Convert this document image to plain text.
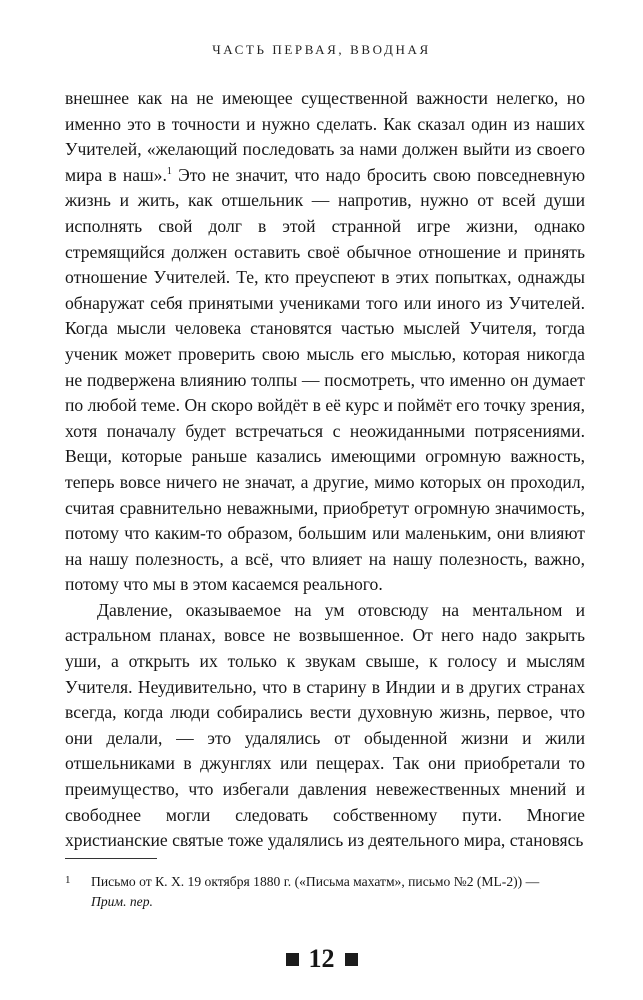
ЧАСТЬ ПЕРВАЯ, ВВОДНАЯ

внешнее как на не имеющее существенной важности нелегко, но именно это в точности и нужно сделать. Как сказал один из наших Учителей, «желающий последовать за нами должен выйти из своего мира в наш».$^1$ Это не значит, что надо бросить свою повседневную жизнь и жить, как отшельник — напротив, нужно от всей души исполнять свой долг в этой странной игре жизни, однако стремящийся должен оставить своё обычное отношение и принять отношение Учителей. Те, кто преуспеют в этих попытках, однажды обнаружат себя принятыми учениками того или иного из Учителей. Когда мысли человека становятся частью мыслей Учителя, тогда ученик может проверить свою мысль его мыслью, которая никогда не подвержена влиянию толпы — посмотреть, что именно он думает по любой теме. Он скоро войдёт в её курс и поймёт его точку зрения, хотя поначалу будет встречаться с неожиданными потрясениями. Вещи, которые раньше казались имеющими огромную важность, теперь вовсе ничего не значат, а другие, мимо которых он проходил, считая сравнительно неважными, приобретут огромную значимость, потому что каким-то образом, большим или маленьким, они влияют на нашу полезность, а всё, что влияет на нашу полезность, важно, потому что мы в этом касаемся реального.

Давление, оказываемое на ум отовсюду на ментальном и астральном планах, вовсе не возвышенное. От него надо закрыть уши, а открыть их только к звукам свыше, к голосу и мыслям Учителя. Неудивительно, что в старину в Индии и в других странах всегда, когда люди собирались вести духовную жизнь, первое, что они делали, — это удалялись от обыденной жизни и жили отшельниками в джунглях или пещерах. Так они приобретали то преимущество, что избегали давления невежественных мнений и свободнее могли следовать собственному пути. Многие христианские святые тоже удалялись из деятельного мира, становясь

1 Письмо от К. Х. 19 октября 1880 г. («Письма махатм», письмо №2 (ML-2)) —
Прим. пер.
12
